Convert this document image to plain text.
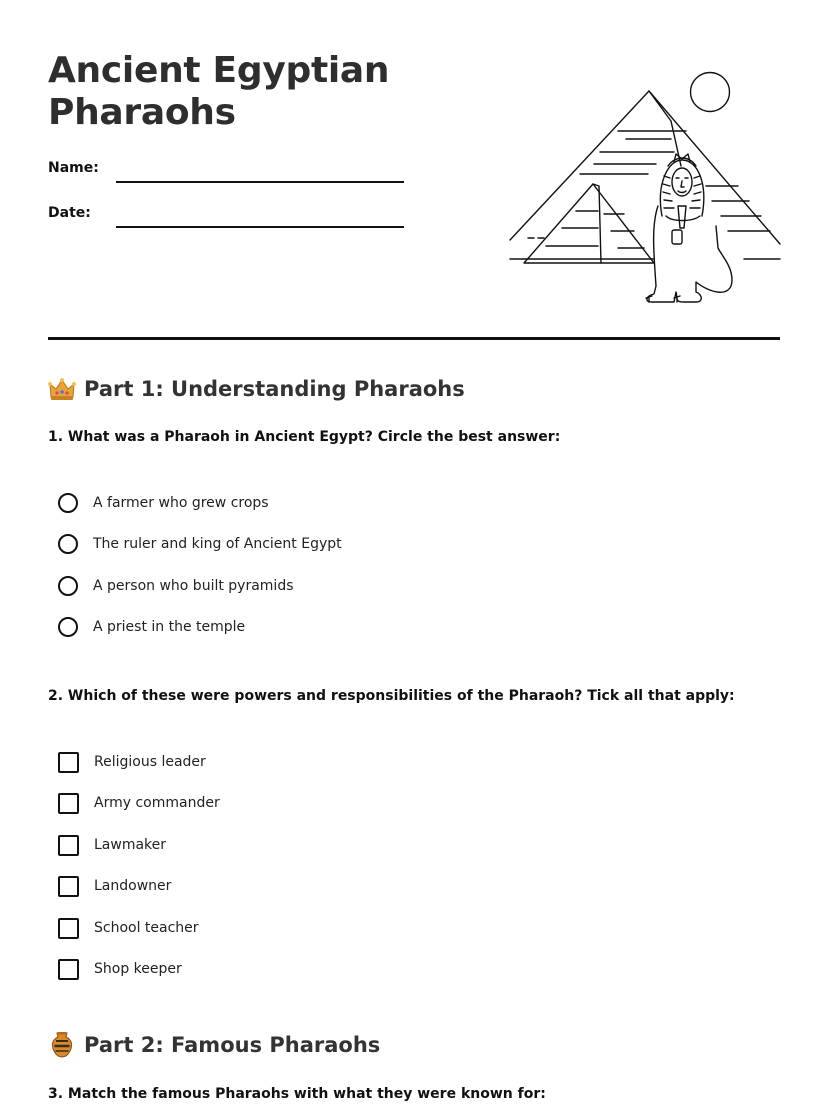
Ancient Egyptian
Pharaohs
Name:
Date:
Part 1: Understanding Pharaohs
1. What was a Pharaoh in Ancient Egypt? Circle the best answer:
A farmer who grew crops
The ruler and king of Ancient Egypt
A person who built pyramids
A priest in the temple
2. Which of these were powers and responsibilities of the Pharaoh? Tick all that apply:
Religious leader
Army commander
Lawmaker
Landowner
School teacher
Shop keeper
Part 2: Famous Pharaohs
3. Match the famous Pharaohs with what they were known for:
